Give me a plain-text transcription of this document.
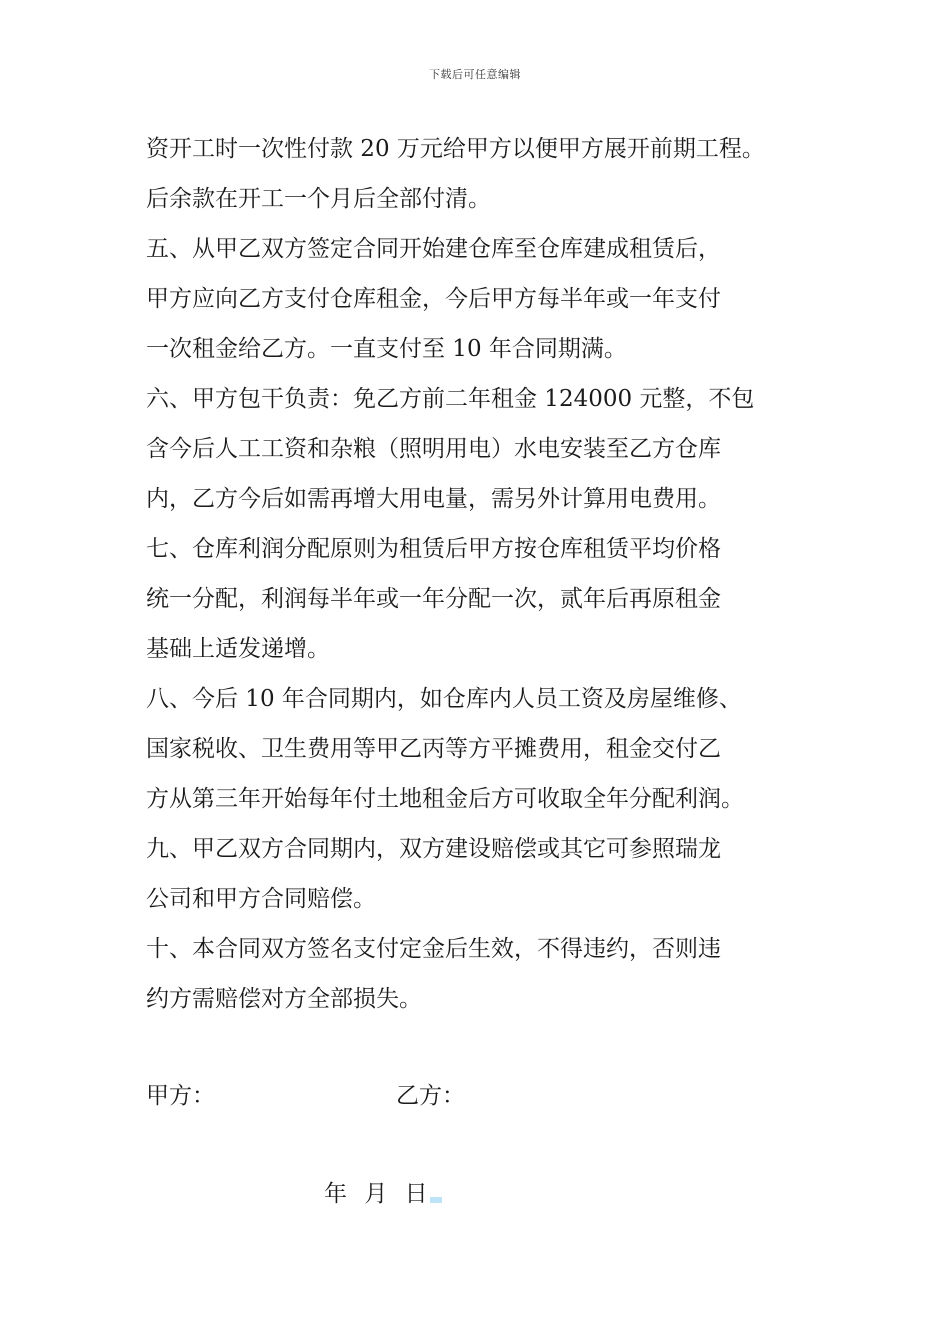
下载后可任意编辑
资开工时一次性付款 20 万元给甲方以便甲方展开前期工程。
后余款在开工一个月后全部付清。
五、从甲乙双方签定合同开始建仓库至仓库建成租赁后，
甲方应向乙方支付仓库租金，今后甲方每半年或一年支付
一次租金给乙方。一直支付至 10 年合同期满。
六、甲方包干负责：免乙方前二年租金 124000 元整，不包
含今后人工工资和杂粮（照明用电）水电安装至乙方仓库
内，乙方今后如需再增大用电量，需另外计算用电费用。
七、仓库利润分配原则为租赁后甲方按仓库租赁平均价格
统一分配，利润每半年或一年分配一次，贰年后再原租金
基础上适发递增。
八、今后 10 年合同期内，如仓库内人员工资及房屋维修、
国家税收、卫生费用等甲乙丙等方平摊费用，租金交付乙
方从第三年开始每年付土地租金后方可收取全年分配利润。
九、甲乙双方合同期内，双方建设赔偿或其它可参照瑞龙
公司和甲方合同赔偿。
十、本合同双方签名支付定金后生效，不得违约，否则违
约方需赔偿对方全部损失。
甲方：	乙方：
年 月 日
